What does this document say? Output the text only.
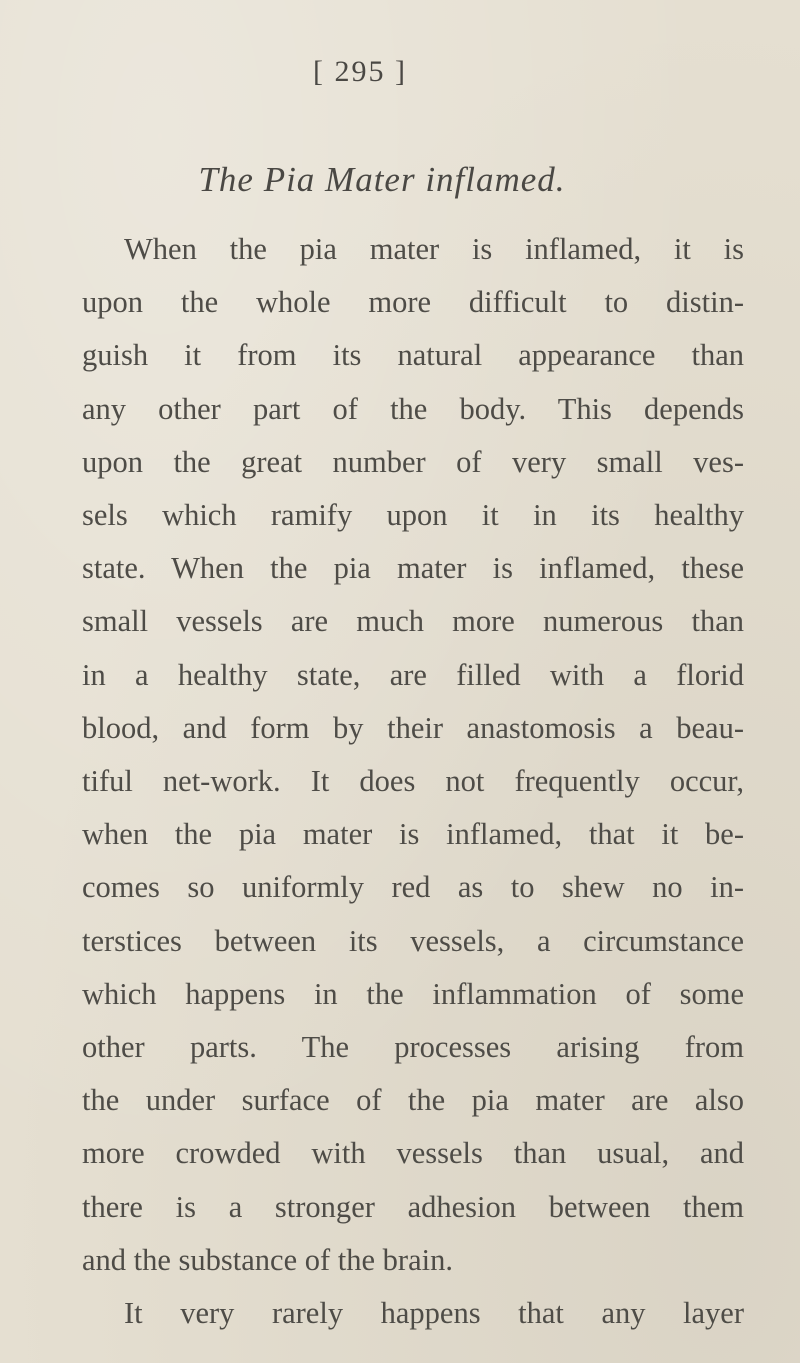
[ 295 ]
The Pia Mater inflamed.
When the pia mater is inflamed, it is
upon the whole more difficult to distin-
guish it from its natural appearance than
any other part of the body. This depends
upon the great number of very small ves-
sels which ramify upon it in its healthy
state. When the pia mater is inflamed, these
small vessels are much more numerous than
in a healthy state, are filled with a florid
blood, and form by their anastomosis a beau-
tiful net-work. It does not frequently occur,
when the pia mater is inflamed, that it be-
comes so uniformly red as to shew no in-
terstices between its vessels, a circumstance
which happens in the inflammation of some
other parts. The processes arising from
the under surface of the pia mater are also
more crowded with vessels than usual, and
there is a stronger adhesion between them
and the substance of the brain.
It very rarely happens that any layer
